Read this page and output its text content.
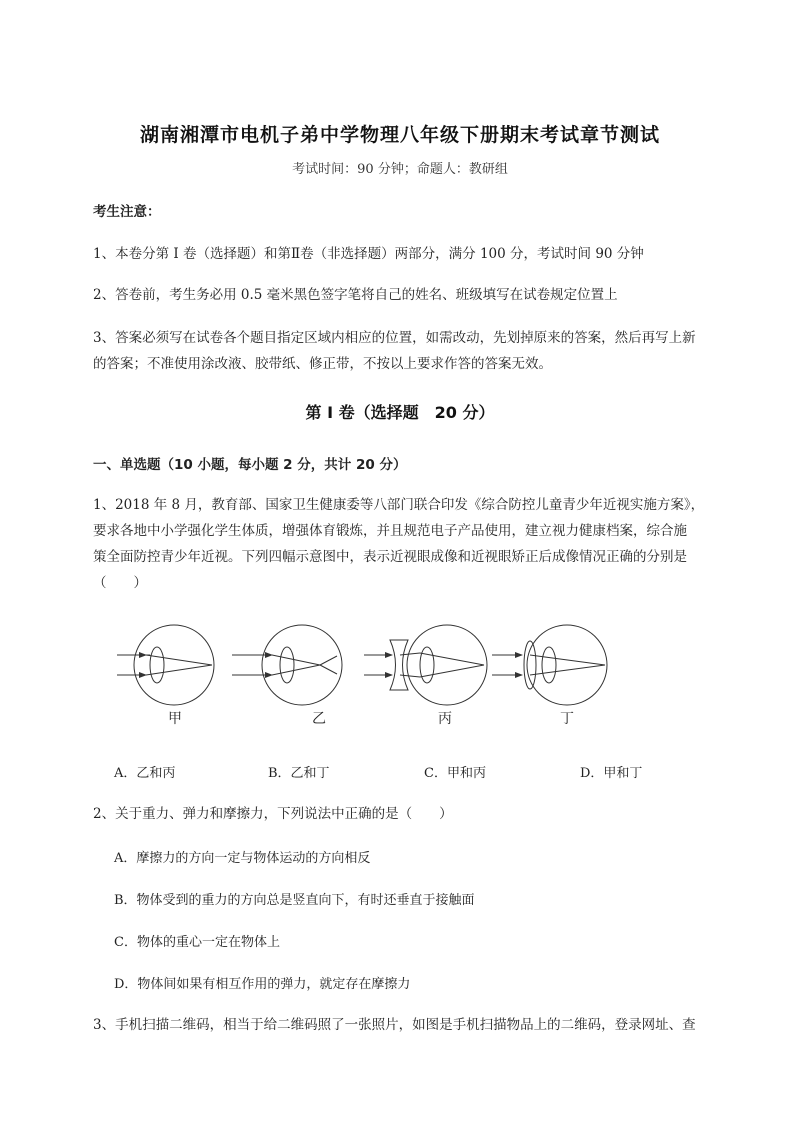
湖南湘潭市电机子弟中学物理八年级下册期末考试章节测试
考试时间：90 分钟；命题人：教研组
考生注意：
1、本卷分第 I 卷（选择题）和第Ⅱ卷（非选择题）两部分，满分 100 分，考试时间 90 分钟
2、答卷前，考生务必用 0.5 毫米黑色签字笔将自己的姓名、班级填写在试卷规定位置上
3、答案必须写在试卷各个题目指定区域内相应的位置，如需改动，先划掉原来的答案，然后再写上新
的答案；不准使用涂改液、胶带纸、修正带，不按以上要求作答的答案无效。
第 I 卷（选择题　20 分）
一、单选题（10 小题，每小题 2 分，共计 20 分）
1、2018 年 8 月，教育部、国家卫生健康委等八部门联合印发《综合防控儿童青少年近视实施方案》，
要求各地中小学强化学生体质，增强体育锻炼，并且规范电子产品使用，建立视力健康档案，综合施
策全面防控青少年近视。下列四幅示意图中，表示近视眼成像和近视眼矫正后成像情况正确的分别是
（　　）
甲	乙	丙	丁
A．乙和丙	B．乙和丁	C．甲和丙	D．甲和丁
2、关于重力、弹力和摩擦力，下列说法中正确的是（　　）
A．摩擦力的方向一定与物体运动的方向相反
B．物体受到的重力的方向总是竖直向下，有时还垂直于接触面
C．物体的重心一定在物体上
D．物体间如果有相互作用的弹力，就定存在摩擦力
3、手机扫描二维码，相当于给二维码照了一张照片，如图是手机扫描物品上的二维码，登录网址、查
